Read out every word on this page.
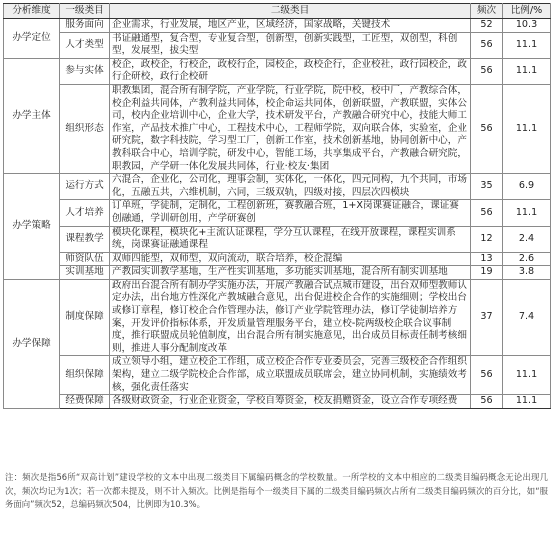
分析维度	一级类目	二级类目	频次	比例/%
办学定位	服务面向	企业需求，行业发展，地区产业，区域经济，国家战略，关键技术	52	10.3
	人才类型	书证融通型，复合型，专业复合型，创新型，创新实践型，工匠型，双创型，科创型，发展型，拔尖型	56	11.1
办学主体	参与实体	校企，政校企，行校企，政校行企，园校企，政校企行，企业校社，政行园校企，政行企研校，政行企校研	56	11.1
	组织形态	职教集团，混合所有制学院，产业学院，行业学院，院中校，校中厂，产教综合体，校企利益共同体，产教利益共同体，校企命运共同体，创新联盟，产教联盟，实体公司，校内企业培训中心，企业大学，技术研发平台，产教融合研究中心，技能大师工作室，产品技术推广中心，工程技术中心，工程师学院，双向联合体，实验室，企业研究院，数字科技院，学习型工厂，创新工作室，技术创新基地，协同创新中心，产教科联合中心，培训学院，研发中心，智能工场，共享集成平台，产教融合研究院，职教园，产学研一体化发展共同体，行业·校友·集团	56	11.1
办学策略	运行方式	六混合，企业化，公司化，理事会制，实体化，一体化，四元同构，九个共同，市场化，五融五共，六维机制，六同，三级双轨，四级对接，四层次四模块	35	6.9
	人才培养	订单班，学徒制，定制化，工程创新班，赛教融合班，1+X岗课赛证融合，课证赛创融通，学训研创用，产学研赛创	56	11.1
	课程教学	模块化课程，模块化+主流认证课程，学分互认课程，在线开放课程，课程实训系统，岗课赛证融通课程	12	2.4
	师资队伍	双师四能型，双师型，双向流动，联合培养，校企混编	13	2.6
	实训基地	产教园实训教学基地，生产性实训基地，多功能实训基地，混合所有制实训基地	19	3.8
办学保障	制度保障	政府出台混合所有制办学实施办法，开展产教融合试点城市建设，出台双师型教师认定办法，出台地方性深化产教城融合意见，出台促进校企合作的实施细则；学校出台或修订章程，修订校企合作管理办法，修订产业学院管理办法，修订学徒制培养方案，开发评价指标体系，开发质量管理服务平台，建立校-院两级校企联合议事制度，推行联盟成员轮值制度，出台混合所有制实施意见，出台成员目标责任制考核细则，推进人事分配制度改革	37	7.4
	组织保障	成立领导小组，建立校企工作组，成立校企合作专业委员会，完善三级校企合作组织架构，建立二级学院校企合作部，成立联盟成员联席会，建立协同机制，实施绩效考核，强化责任落实	56	11.1
	经费保障	各级财政资金，行业企业资金，学校自筹资金，校友捐赠资金，设立合作专项经费	56	11.1
注：频次是指56所“双高计划”建设学校的文本中出现二级类目下属编码概念的学校数量。一所学校的文本中相应的二级类目编码概念无论出现几次，频次均记为1次；若一次都未提及，则不计入频次。比例是指每个一级类目下属的二级类目编码频次占所有二级类目编码频次的百分比，如“服务面向”频次52，总编码频次504，比例即为10.3%。
